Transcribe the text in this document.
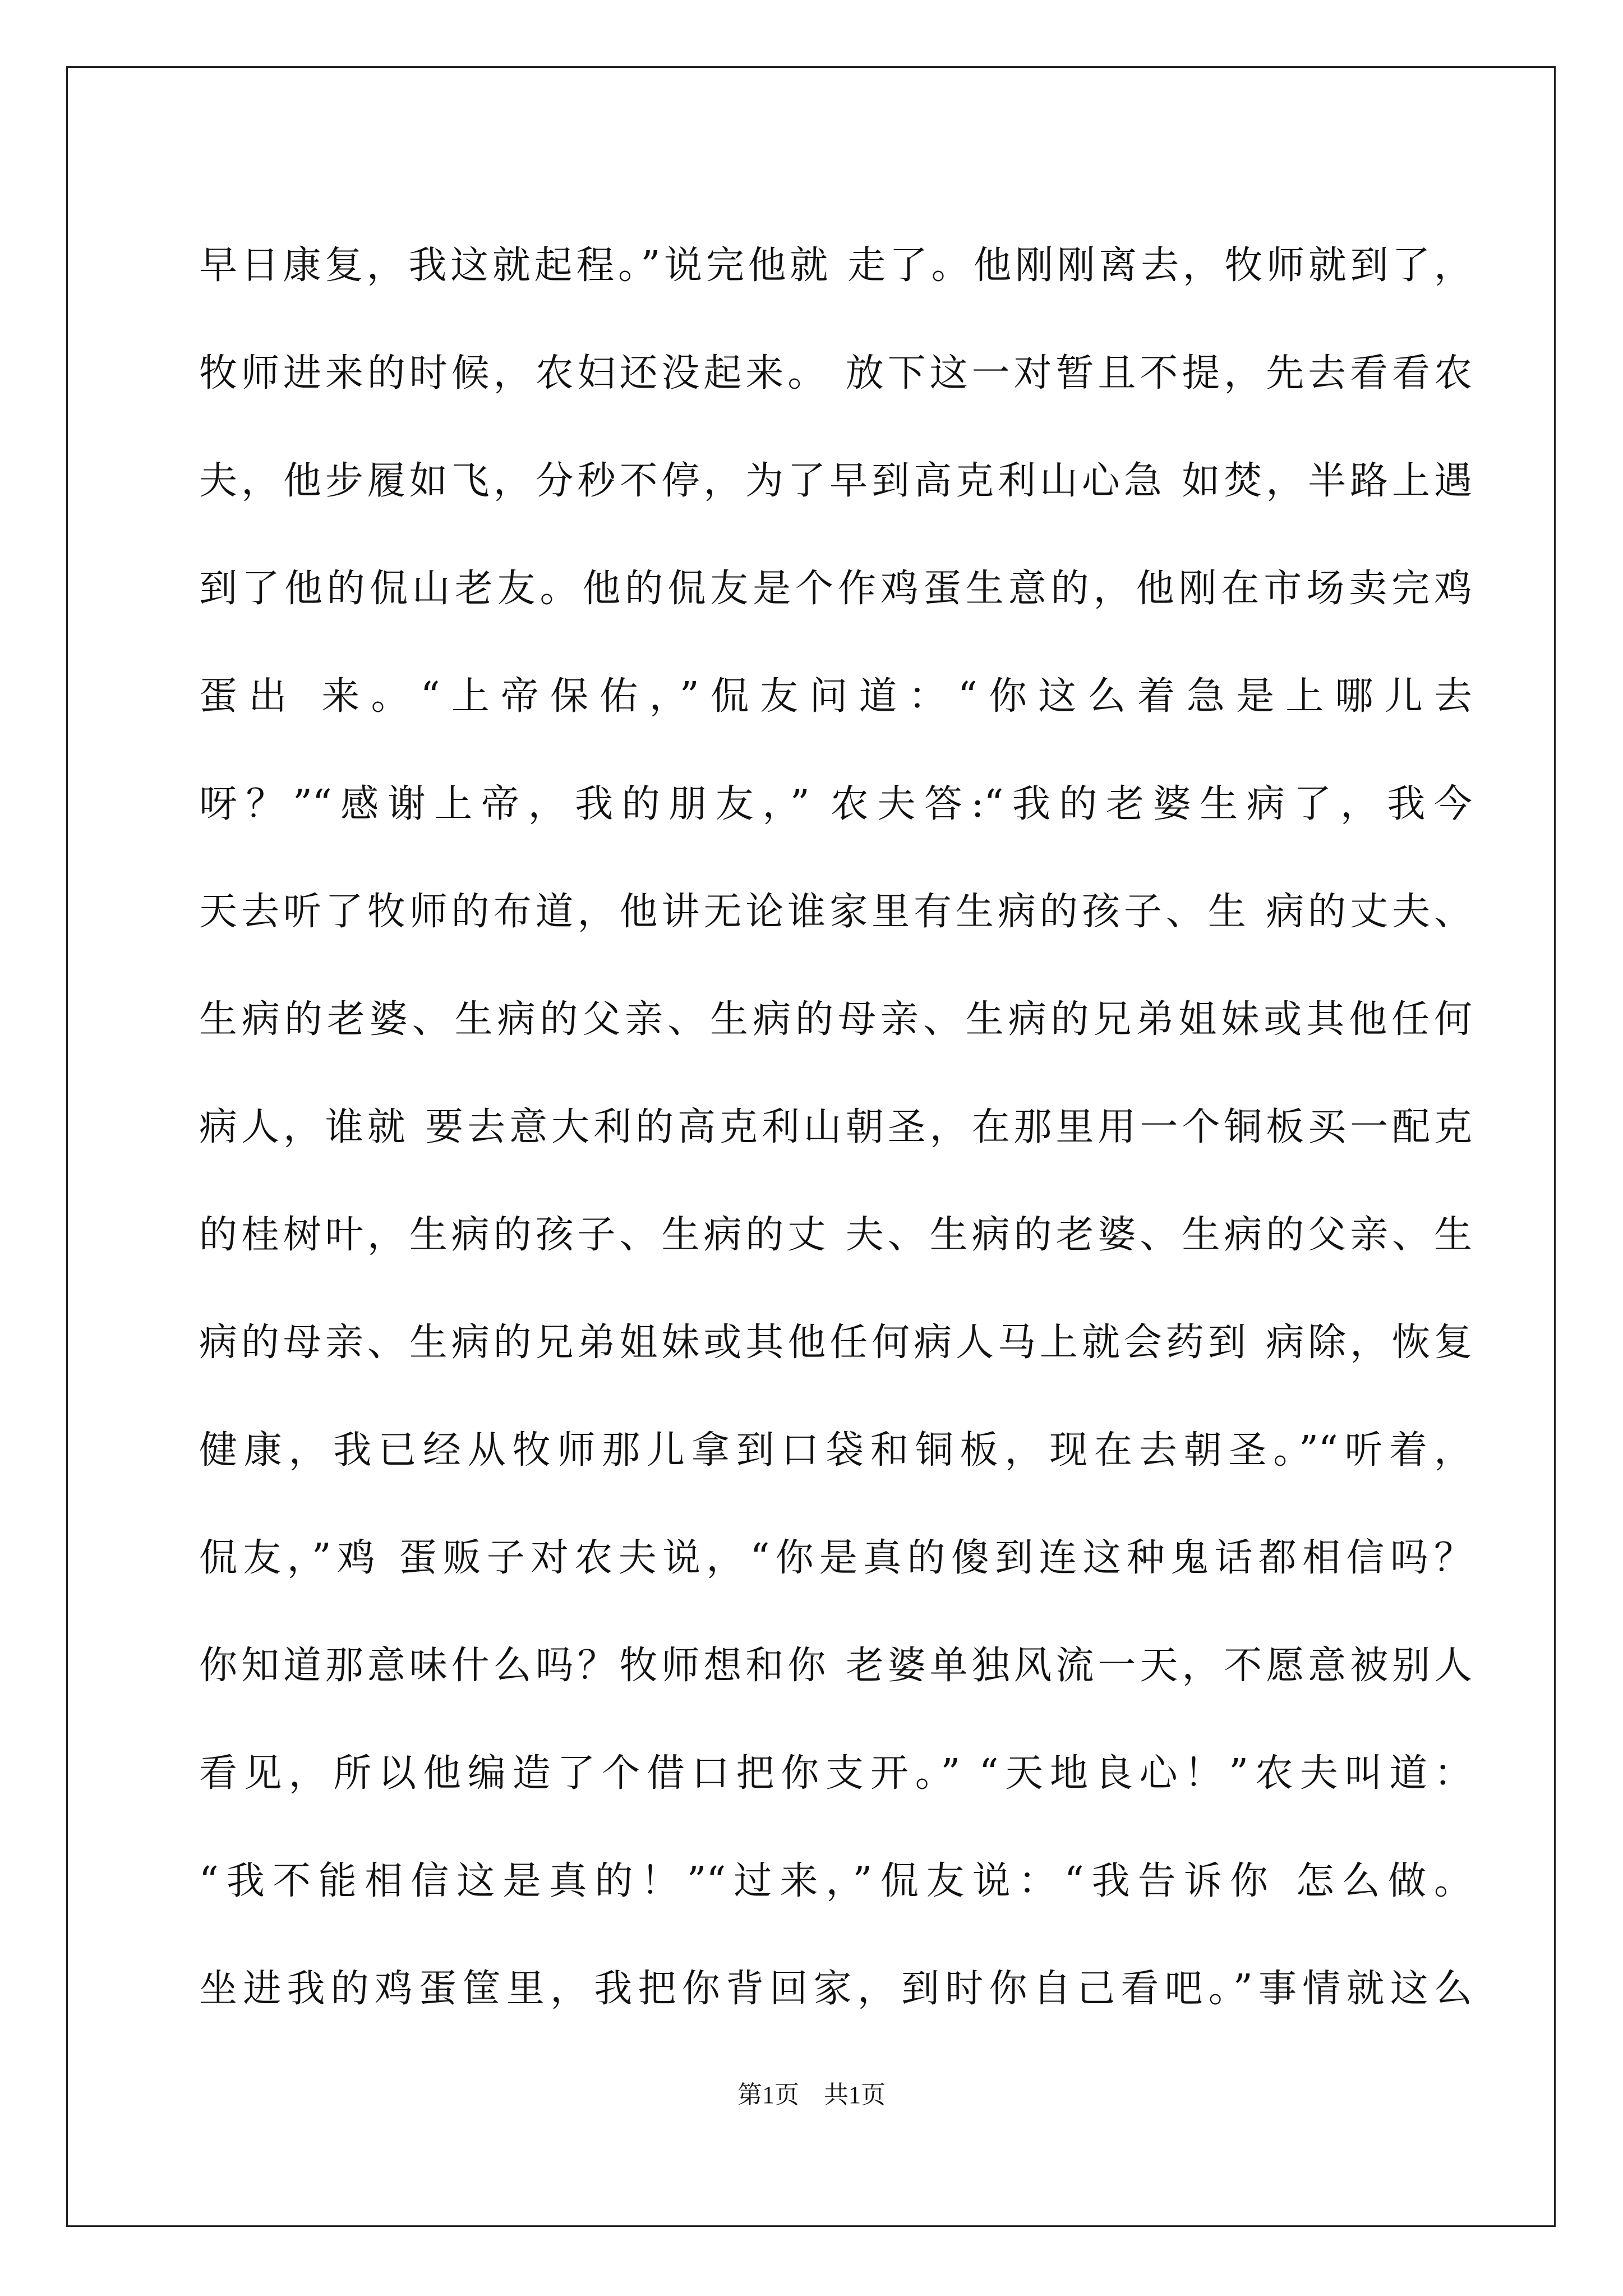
早日康复，我这就起程。”说完他就 走了。他刚刚离去，牧师就到了，
牧师进来的时候，农妇还没起来。 放下这一对暂且不提，先去看看农
夫，他步履如飞，分秒不停，为了早到高克利山心急 如焚，半路上遇
到了他的侃山老友。他的侃友是个作鸡蛋生意的，他刚在市场卖完鸡
蛋出 来。“上帝保佑，”侃友问道：“你这么着急是上哪儿去
呀？”“感谢上帝，我的朋友，” 农夫答:“我的老婆生病了，我今
天去听了牧师的布道，他讲无论谁家里有生病的孩子、生 病的丈夫、
生病的老婆、生病的父亲、生病的母亲、生病的兄弟姐妹或其他任何
病人，谁就 要去意大利的高克利山朝圣，在那里用一个铜板买一配克
的桂树叶，生病的孩子、生病的丈 夫、生病的老婆、生病的父亲、生
病的母亲、生病的兄弟姐妹或其他任何病人马上就会药到 病除，恢复
健康，我已经从牧师那儿拿到口袋和铜板，现在去朝圣。”“听着，
侃友，”鸡 蛋贩子对农夫说，“你是真的傻到连这种鬼话都相信吗？
你知道那意味什么吗？牧师想和你 老婆单独风流一天，不愿意被别人
看见，所以他编造了个借口把你支开。” “天地良心！”农夫叫道：
“我不能相信这是真的！”“过来，”侃友说：“我告诉你 怎么做。
坐进我的鸡蛋筐里，我把你背回家，到时你自己看吧。”事情就这么
第1页　共1页
